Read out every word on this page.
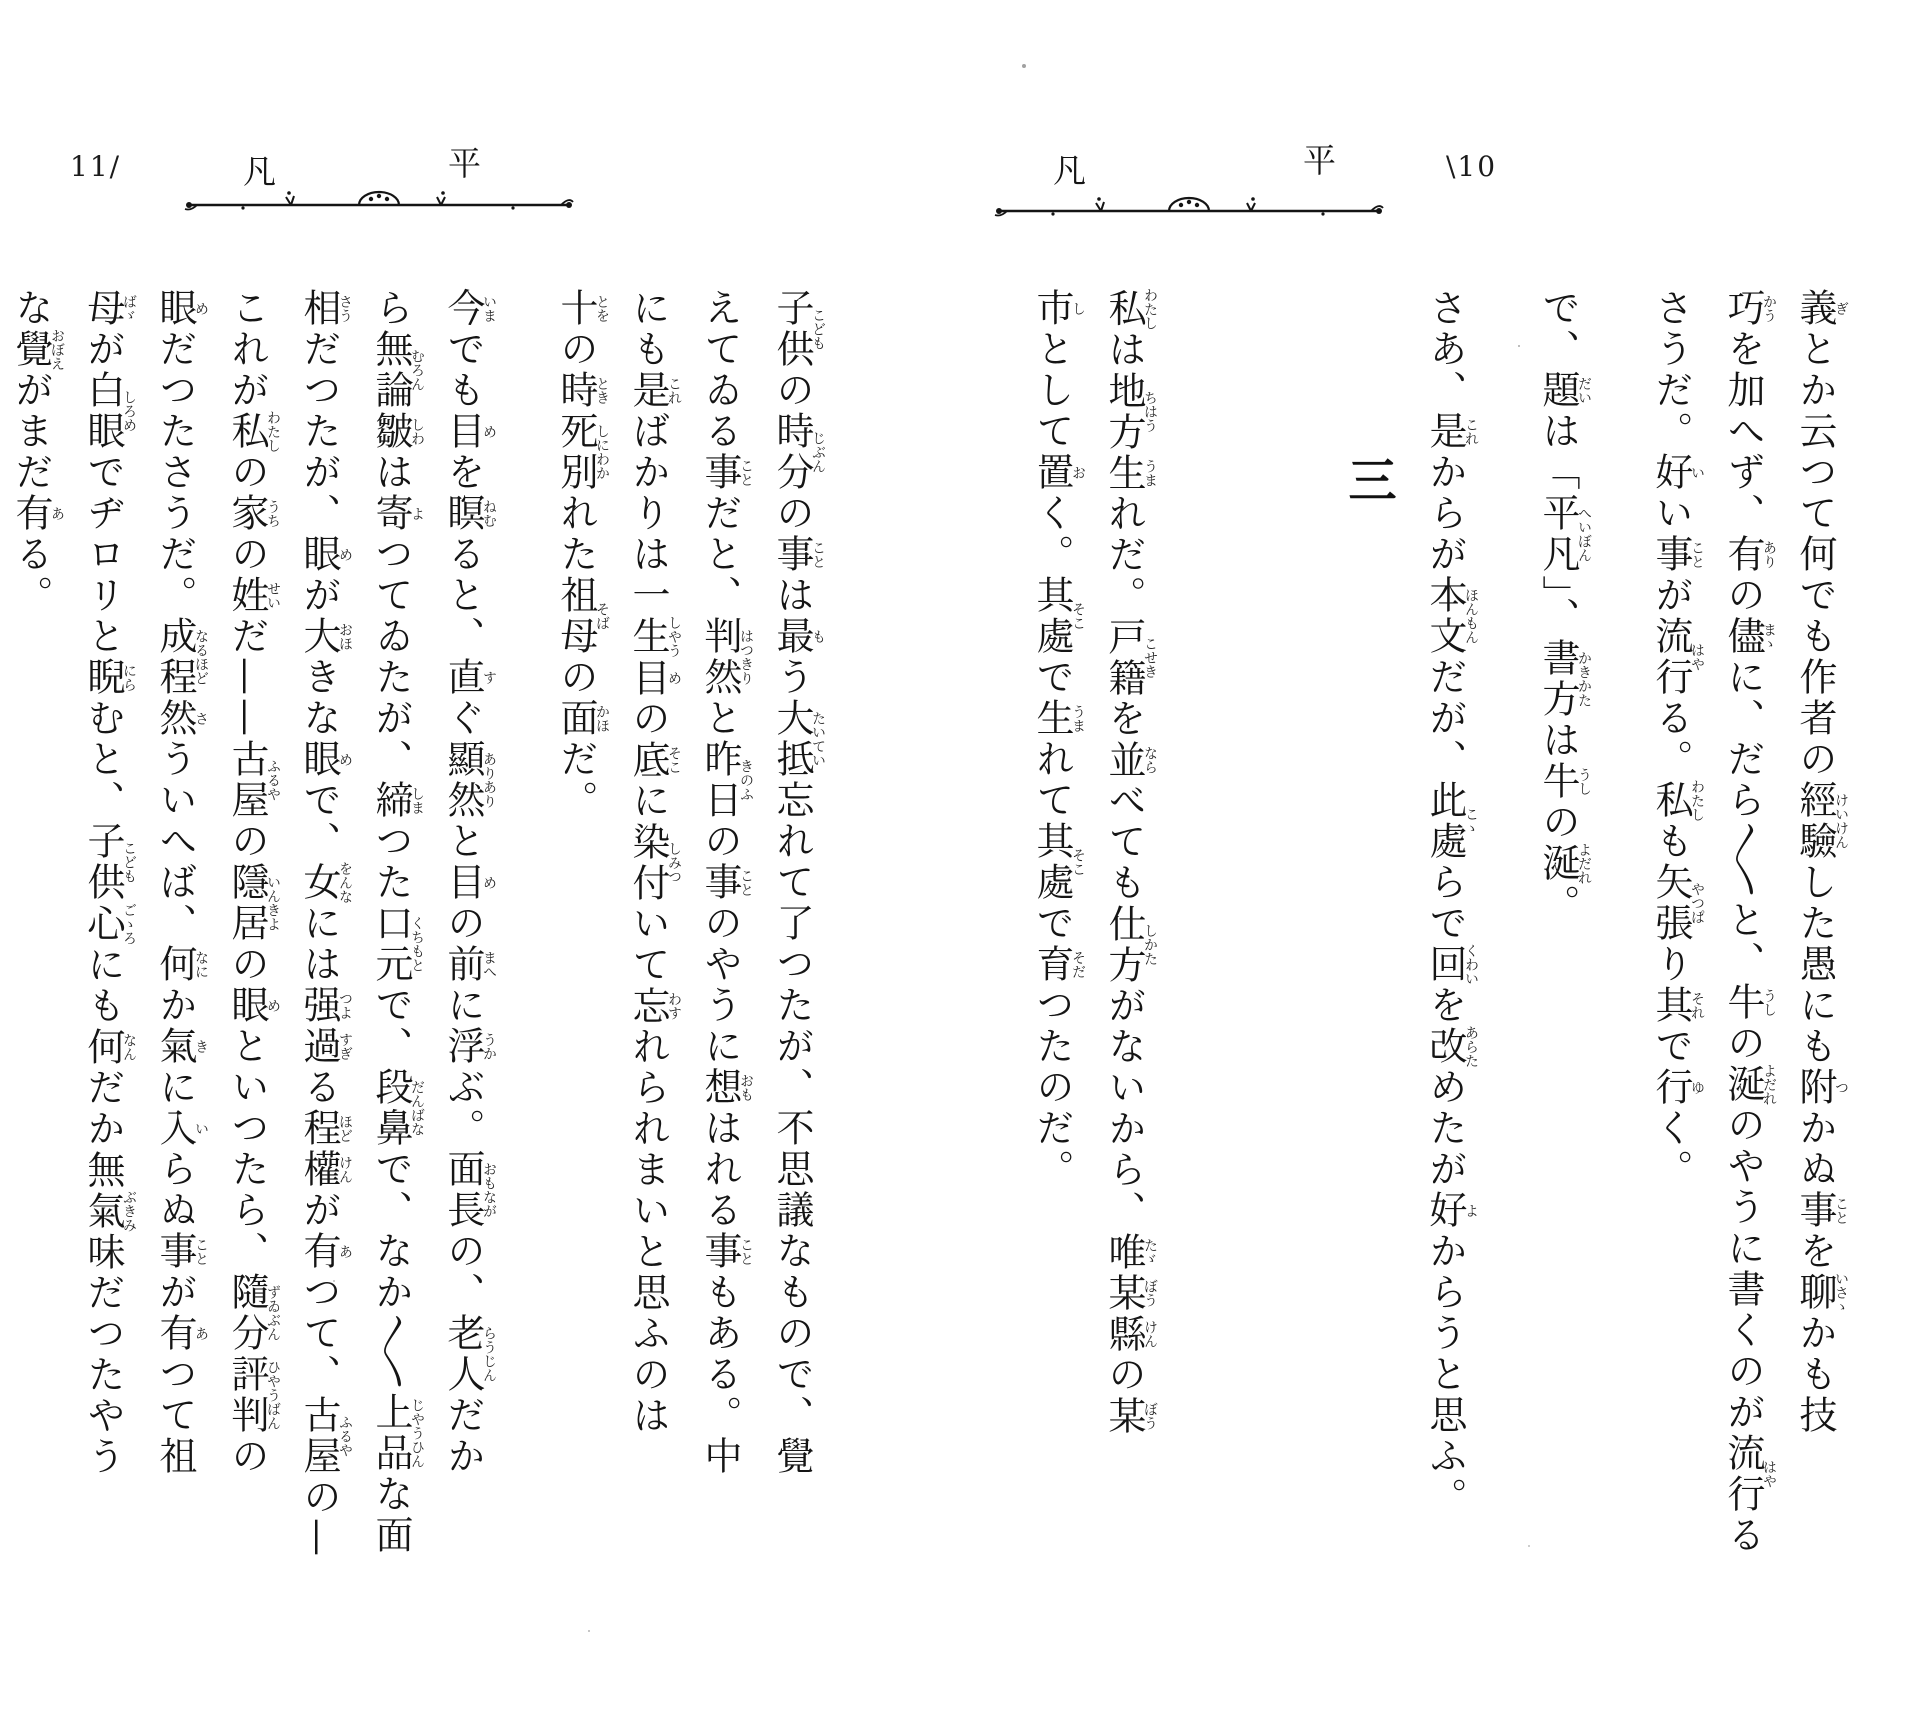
11/	平
凡
子供こどもの時分じぶんの事ことは最もう大抵たいてい忘れて了つたが、不思議なもので、覺
えてゐる事ことだと、判然はつきりと昨日きのふの事ことのやうに想おもはれる事こともある。中
にも是こればかりは一生しやう目めの底そこに染付しみついて忘わすれられまいと思ふのは
十とをの時とき死別しにわかれた祖母そばの面かほだ。
今いまでも目めを瞑ねむると、直すぐ顯然ありありと目めの前まへに浮うかぶ。面長おもながの、老人らうじんだか
ら無論むろん皺しわは寄よつてゐたが、締しまつた口元くちもとで、段鼻だんばなで、なか〱上品じやうひんな面
相さうだつたが、眼めが大おほきな眼めで、女をんなには强つよ過すぎる程ほど權けんが有あつて、古屋ふるやの—
これが私わたしの家うちの姓せいだ——古屋ふるやの隱居いんきよの眼めといつたら、隨分ずゐぶん評判ひやうばんの
眼めだつたさうだ。成程なるほど然さういへば、何なにか氣きに入いらぬ事ことが有あつて祖
母ばゞが白眼しろめでヂロリと睨にらむと、子供こども心ごゝろにも何なんだか無氣味ぶきみだつたやう
な覺おぼえがまだ有ある。
\10
平
凡
三
義ぎとか云つて何でも作者の經驗けいけんした愚にも附つかぬ事ことを聊いさゝかも技
巧かうを加へず、有ありの儘まゝに、だら〱と、牛うしの涎よだれのやうに書くのが流行はやる
さうだ。好いい事ことが流行はやる。私わたしも矢張やつぱり其それで行ゆく。
で、題だいは「平凡へいぼん」、書方かきかたは牛うしの涎よだれ。
さあ、是これからが本文ほんもんだが、此處こゝらで回くわいを改あらためたが好よからうと思ふ。
私わたしは地方ちはう生うまれだ。戸籍こせきを並ならべても仕方しかたがないから、唯たゞ某ぼう縣けんの某ぼう
市しとして置おく。其處そこで生うまれて其處そこで育そだつたのだ。
